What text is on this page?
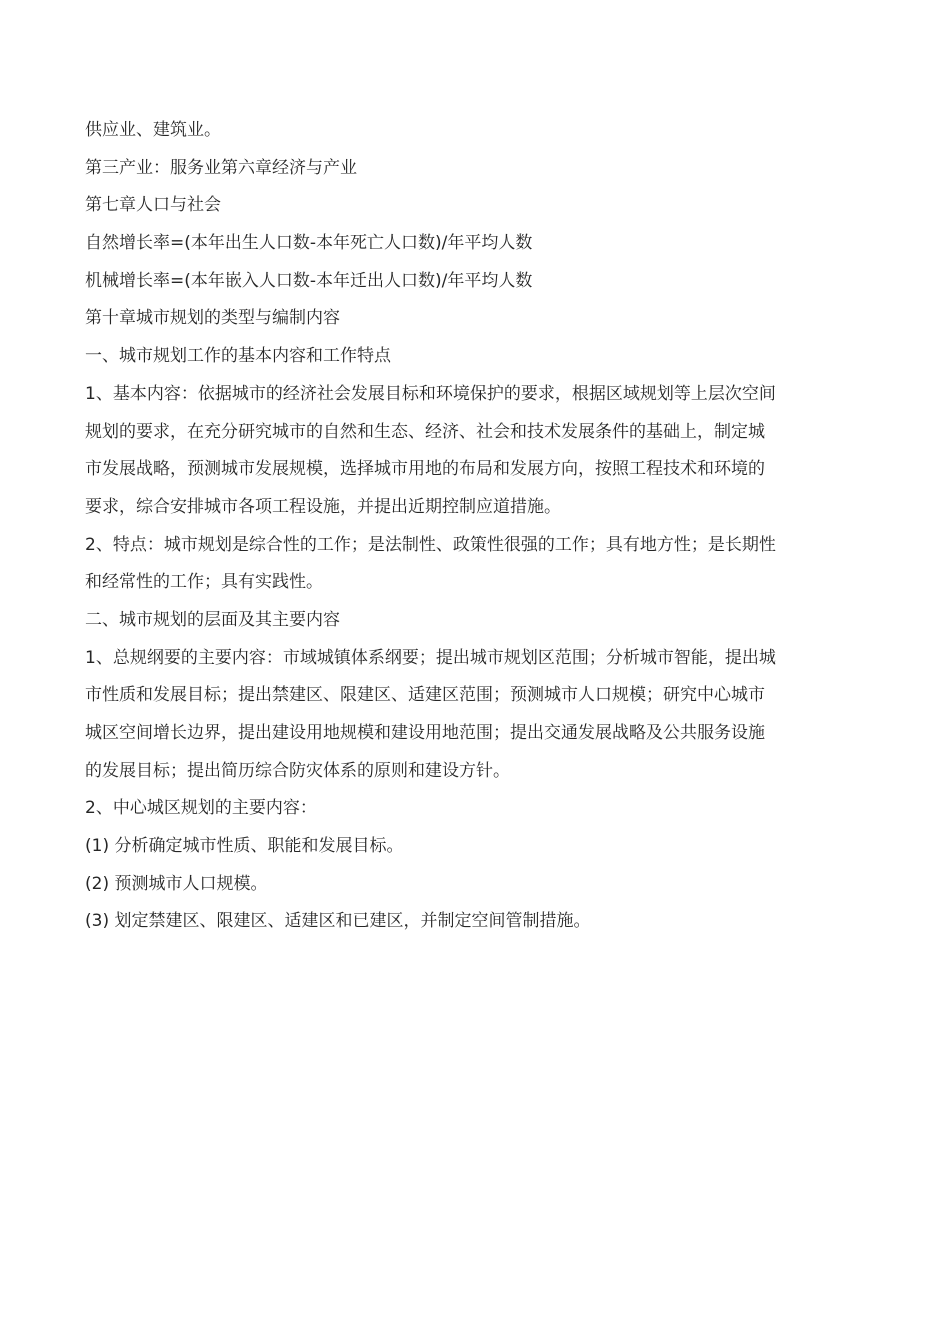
供应业、建筑业。

第三产业：服务业第六章经济与产业

第七章人口与社会

自然增长率=(本年出生人口数-本年死亡人口数)/年平均人数

机械增长率=(本年嵌入人口数-本年迁出人口数)/年平均人数

第十章城市规划的类型与编制内容

一、城市规划工作的基本内容和工作特点

1、基本内容：依据城市的经济社会发展目标和环境保护的要求，根据区域规划等上层次空间

规划的要求，在充分研究城市的自然和生态、经济、社会和技术发展条件的基础上，制定城

市发展战略，预测城市发展规模，选择城市用地的布局和发展方向，按照工程技术和环境的

要求，综合安排城市各项工程设施，并提出近期控制应道措施。

2、特点：城市规划是综合性的工作；是法制性、政策性很强的工作；具有地方性；是长期性

和经常性的工作；具有实践性。

二、城市规划的层面及其主要内容

1、总规纲要的主要内容：市域城镇体系纲要；提出城市规划区范围；分析城市智能，提出城

市性质和发展目标；提出禁建区、限建区、适建区范围；预测城市人口规模；研究中心城市

城区空间增长边界，提出建设用地规模和建设用地范围；提出交通发展战略及公共服务设施

的发展目标；提出简历综合防灾体系的原则和建设方针。

2、中心城区规划的主要内容：

(1) 分析确定城市性质、职能和发展目标。

(2) 预测城市人口规模。

(3) 划定禁建区、限建区、适建区和已建区，并制定空间管制措施。
